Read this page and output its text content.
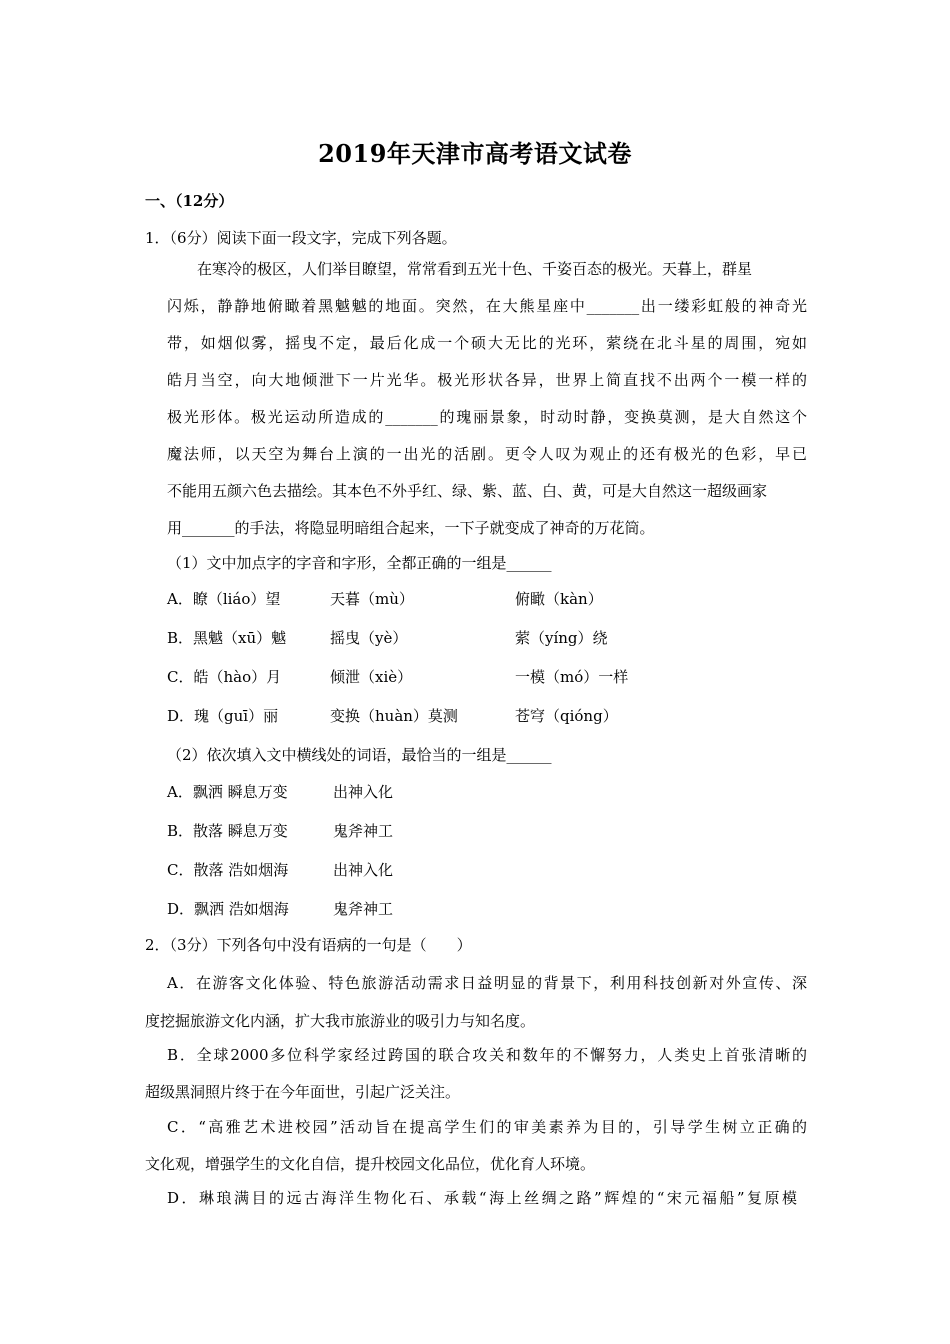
2019年天津市高考语文试卷
一、（12分）
1．（6分）阅读下面一段文字，完成下列各题。
在寒冷的极区，人们举目瞭望，常常看到五光十色、千姿百态的极光。天暮上，群星
闪烁，静静地俯瞰着黑魆魆的地面。突然，在大熊星座中_______出一缕彩虹般的神奇光
带，如烟似雾，摇曳不定，最后化成一个硕大无比的光环，萦绕在北斗星的周围，宛如
皓月当空，向大地倾泄下一片光华。极光形状各异，世界上简直找不出两个一模一样的
极光形体。极光运动所造成的_______的瑰丽景象，时动时静，变换莫测，是大自然这个
魔法师，以天空为舞台上演的一出光的活剧。更令人叹为观止的还有极光的色彩，早已
不能用五颜六色去描绘。其本色不外乎红、绿、紫、蓝、白、黄，可是大自然这一超级画家
用_______的手法，将隐显明暗组合起来，一下子就变成了神奇的万花筒。
（1）文中加点字的字音和字形，全都正确的一组是______
A．瞭（liáo）望	天暮（mù）	俯瞰（kàn）
B．黑魆（xū）魆	摇曳（yè）	萦（yíng）绕
C．皓（hào）月	倾泄（xiè）	一模（mó）一样
D．瑰（guī）丽	变换（huàn）莫测	苍穹（qióng）
（2）依次填入文中横线处的词语，最恰当的一组是______
A．飘洒 瞬息万变	出神入化
B．散落 瞬息万变	鬼斧神工
C．散落 浩如烟海	出神入化
D．飘洒 浩如烟海	鬼斧神工
2．（3分）下列各句中没有语病的一句是（　　）
A．在游客文化体验、特色旅游活动需求日益明显的背景下，利用科技创新对外宣传、深
度挖掘旅游文化内涵，扩大我市旅游业的吸引力与知名度。
B．全球2000多位科学家经过跨国的联合攻关和数年的不懈努力，人类史上首张清晰的
超级黑洞照片终于在今年面世，引起广泛关注。
C．“高雅艺术进校园”活动旨在提高学生们的审美素养为目的，引导学生树立正确的
文化观，增强学生的文化自信，提升校园文化品位，优化育人环境。
D．琳琅满目的远古海洋生物化石、承载“海上丝绸之路”辉煌的“宋元福船”复原模
